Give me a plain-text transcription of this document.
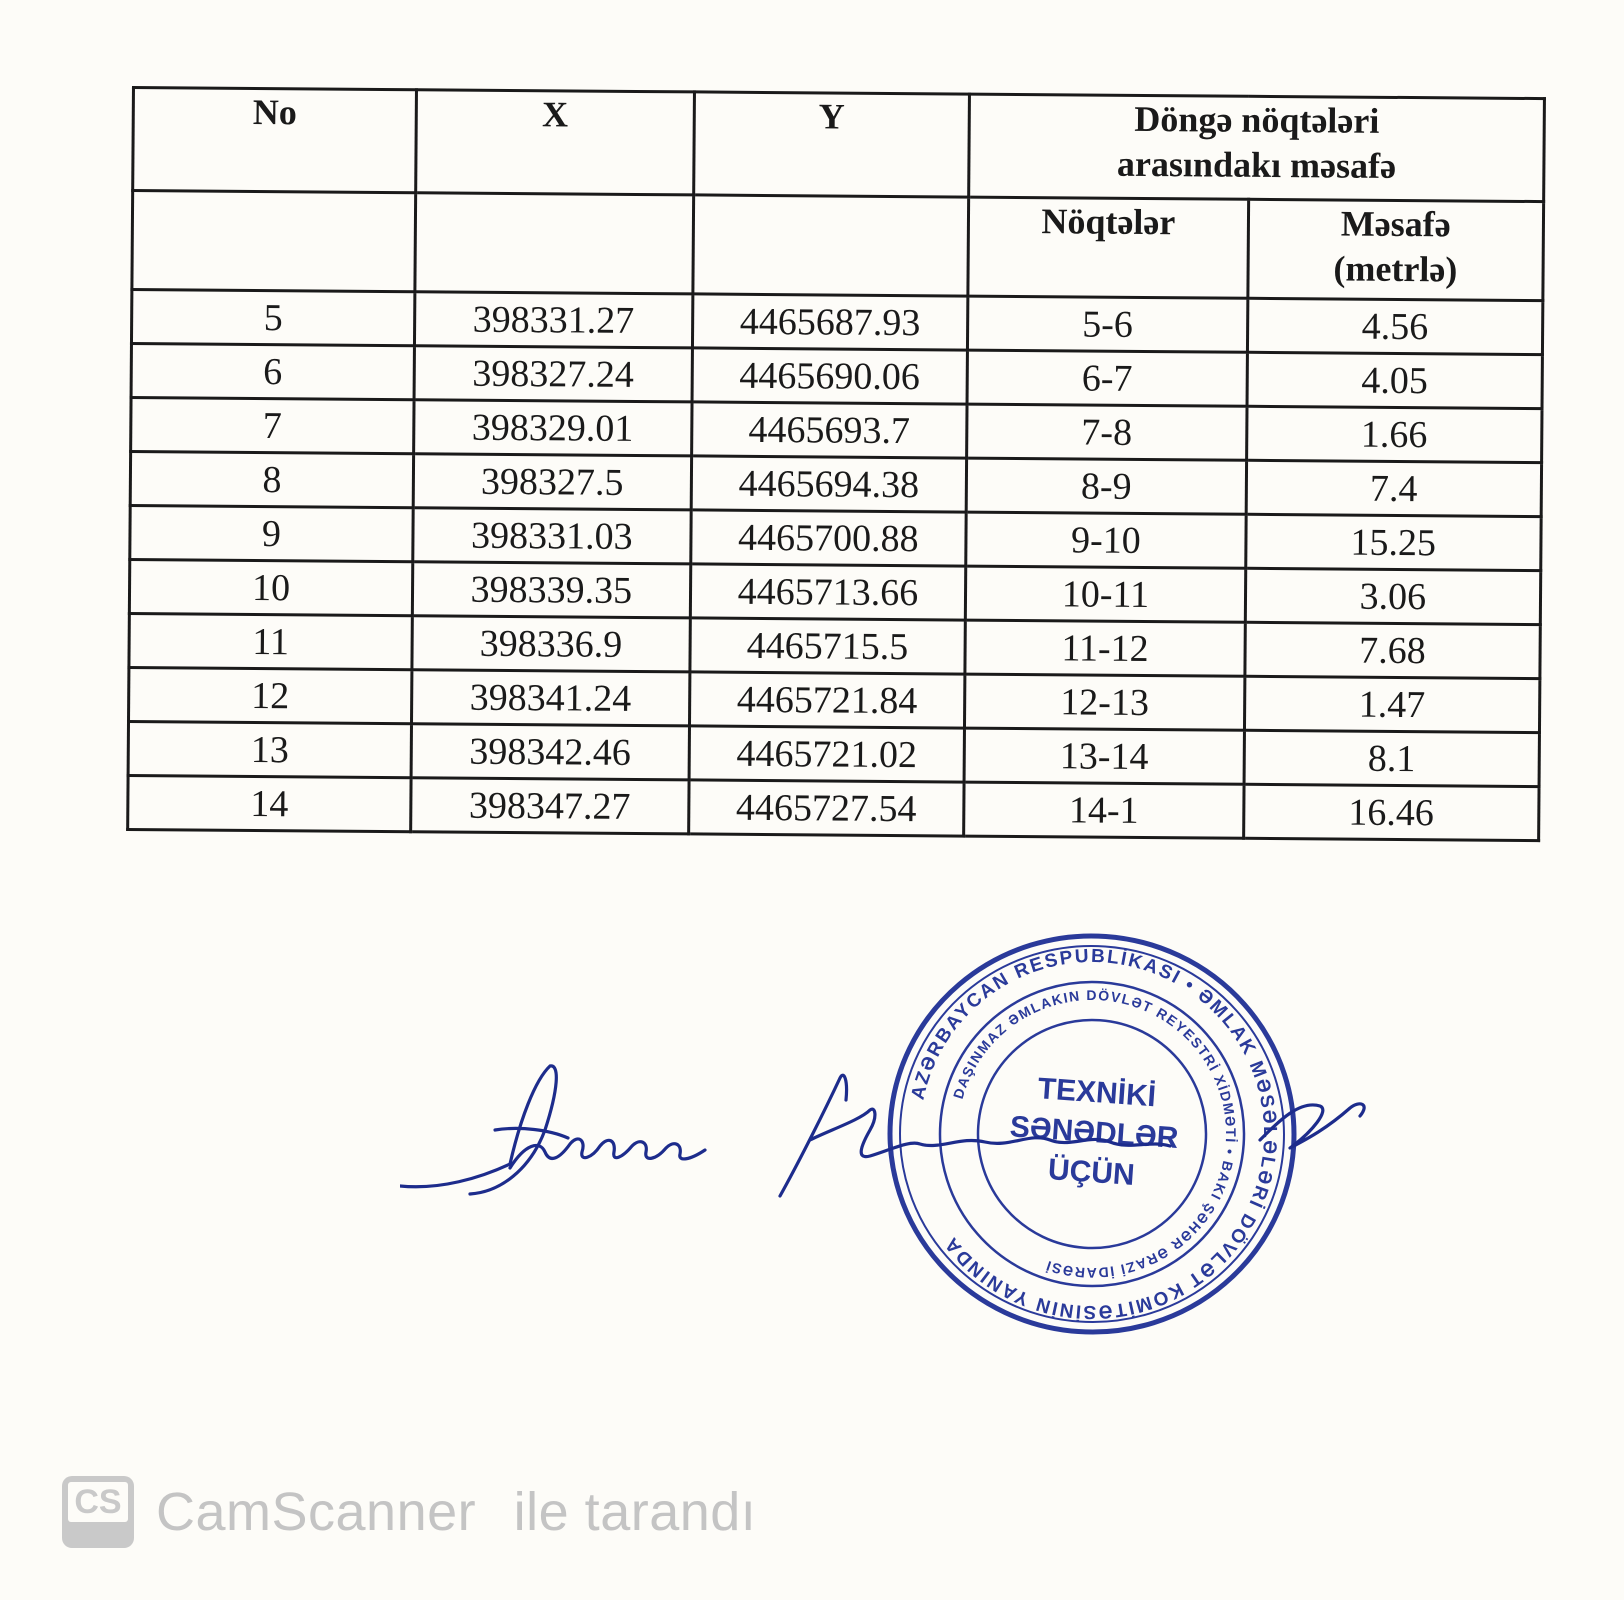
No	X	Y	Döngə nöqtələri
arasındakı məsafə	

			Nöqtələr	Məsafə
(metrlə)

5	398331.27	4465687.93	5-6	4.56
6	398327.24	4465690.06	6-7	4.05
7	398329.01	4465693.7	7-8	1.66
8	398327.5	4465694.38	8-9	7.4
9	398331.03	4465700.88	9-10	15.25
10	398339.35	4465713.66	10-11	3.06
11	398336.9	4465715.5	11-12	7.68
12	398341.24	4465721.84	12-13	1.47
13	398342.46	4465721.02	13-14	8.1
14	398347.27	4465727.54	14-1	16.46
AZƏRBAYCAN RESPUBLİKASI • ƏMLAK MƏSƏLƏLƏRİ DÖVLƏT KOMİTƏSİNİN YANINDA
DAŞINMAZ ƏMLAKIN DÖVLƏT REYESTRİ XİDMƏTİ • BAKI ŞƏHƏR ƏRAZİ İDARƏSİ
TEXNİKİ
SƏNƏDLƏR
ÜÇÜN
CS CamScanner ile tarandı
